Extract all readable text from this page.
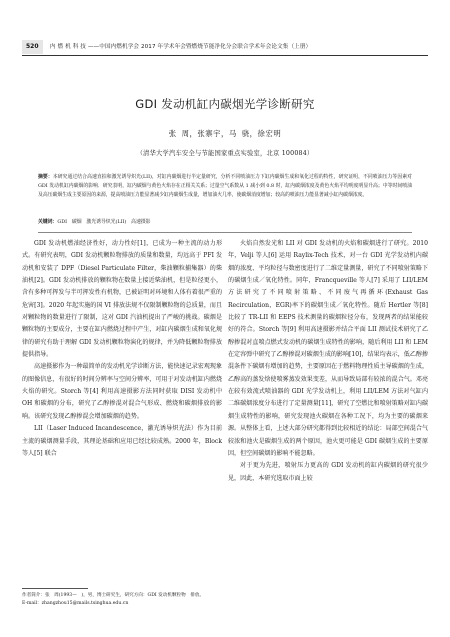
520	内 燃 机 科 技 ——中国内燃机学会 2017 年学术年会暨燃烧节能净化分会联合学术年会论文集（上册）
GDI 发动机缸内碳烟光学诊断研究
张 周，张寨宇，马 骁，徐宏明
（清华大学汽车安全与节能国家重点实验室，北京 100084）
摘要：本研究通过结合高速直拍和激光诱导炽光(LII)，对缸内碳烟进行半定量研究，分析不同喷油压力下缸内碳烟生成和氧化过程的特性，研究证明，不同喷油压力等因素对 GDI 发动机缸内碳烟的影响．研究表明，缸内碳烟与黄色火焰存在正相关关系；过量空气系数从 1 减小到 0.8 时，缸内碳烟浓度及黄色火焰平均明度明显升高；中等时间喷油及高压碳烟生成主要原因的来源，提高喷油压力能显著减少缸内碳烟生成量，增加油火几率，使碳烟消度增加；较高的喷油压力能显著减小缸内碳烟浓度。
关键词：GDI　碳烟　激光诱导炽光(LII)　高速摄影

GDI 发动机燃油经济性好，动力性好[1]，已成为一种主流的动力形式。有研究表明，GDI 发动机颗粒物排放的质量和数量，均远高于 PFI 发动机和安装了 DPF（Diesel Particulate Filter，柴油颗粒捕集器）的柴油机[2]。GDI 发动机排放的颗粒物在数量上接近柴油机，但是粒径更小，含有多种可挥发与半可挥发性有机物，已被证明对环境和人体有着很严重的危害[3]。2020 年起实施的国 VI 排放法规不仅限制颗粒物的总质量，而且对颗粒物的数量进行了限制，这对 GDI 汽油机提出了严峻的挑战。碳烟是颗粒物的主要成分，主要在缸内燃烧过程中产生，对缸内碳烟生成和氧化规律的研究有助于理解 GDI 发动机颗粒物演化的规律，并为降低颗粒物排放提供指导。

高速摄影作为一种最简单的发动机光学诊断方法，能快速记录宏观现象的图像信息，有很好的时间分辨率与空间分辨率，可用于对发动机缸内燃烧火焰的研究。Storch 等[4] 利用高速摄影方法同时获取 DISI 发动机中 OH 和碳烟的分布，研究了乙醇掺混对混合气形成、燃烧和碳烟排放的影响。该研究发现乙醇掺混会增加碳烟的趋势。

LII（Laser Induced Incandescence，激光诱导炽光法）作为目前主流的碳烟测量手段，其理论基础和应用已经比较成熟。2000 年，Block 等人[5] 联合

火焰自然发光和 LII 对 GDI 发动机的火焰和碳烟进行了研究。2010 年，Velji 等人[6] 运用 Raylix-Tech 技术，对一台 GDI 光学发动机内碳烟的浓度、平均粒径与数密度进行了二维定量测量，研究了不同喷射策略下的碳烟生成／氧化特性。同年，Francqueville 等人[7] 采用了 LII/LEM 方法研究了不同喷射策略、不同废气再循环(Exhaust Gas Recirculation，EGR)率下的碳烟生成／氧化特性。随后 Hertler 等[8] 比较了 TR-LII 和 EEPS 技术测量的碳烟粒径分布，发现两者的结果能较好的符合。Storch 等[9] 利用高速摄影并结合平面 LII 测试技术研究了乙醇掺混对直喷点燃式发动机的碳烟生成特性的影响，随后利用 LII 和 LEM 在定容弹中研究了乙醇掺混对碳烟生成的影响[10]，结果均表示，低乙醇掺混条件下碳烟有增加的趋势，主要原因在于燃料物理性质主导碳烟的生成，乙醇高的蒸发焓使喷雾蒸发效果变差，从而导致局部有较浓的混合气。邓亮在较有效流式喷油器的 GDI 光学发动机上，利用 LII/LEM 方法对气缸内二维碳烟浓度分布进行了定量测量[11]，研究了空燃比和喷射策略对缸内碳烟生成特性的影响，研究发现池火碳烟在各种工况下，均为主要的碳烟来源。从整体上看，上述大部分研究都得到比较相近的结论：局部空间混合气较浓和池火是碳烟生成的两个原因，池火更可能是 GDI 碳烟生成的主要原因，但空间碳烟的影响不能忽略。

对于更为先进，喷射压力更高的 GDI 发动机的缸内碳烟的研究很少见，因此，本研究选取市面上较

作者简介：张　周(1993—　)，男，博士研究生，研究方向：GDI 发动机颗粒物　排放。
E-mail：zhangzhou15@mails.tsinghua.edu.cn
